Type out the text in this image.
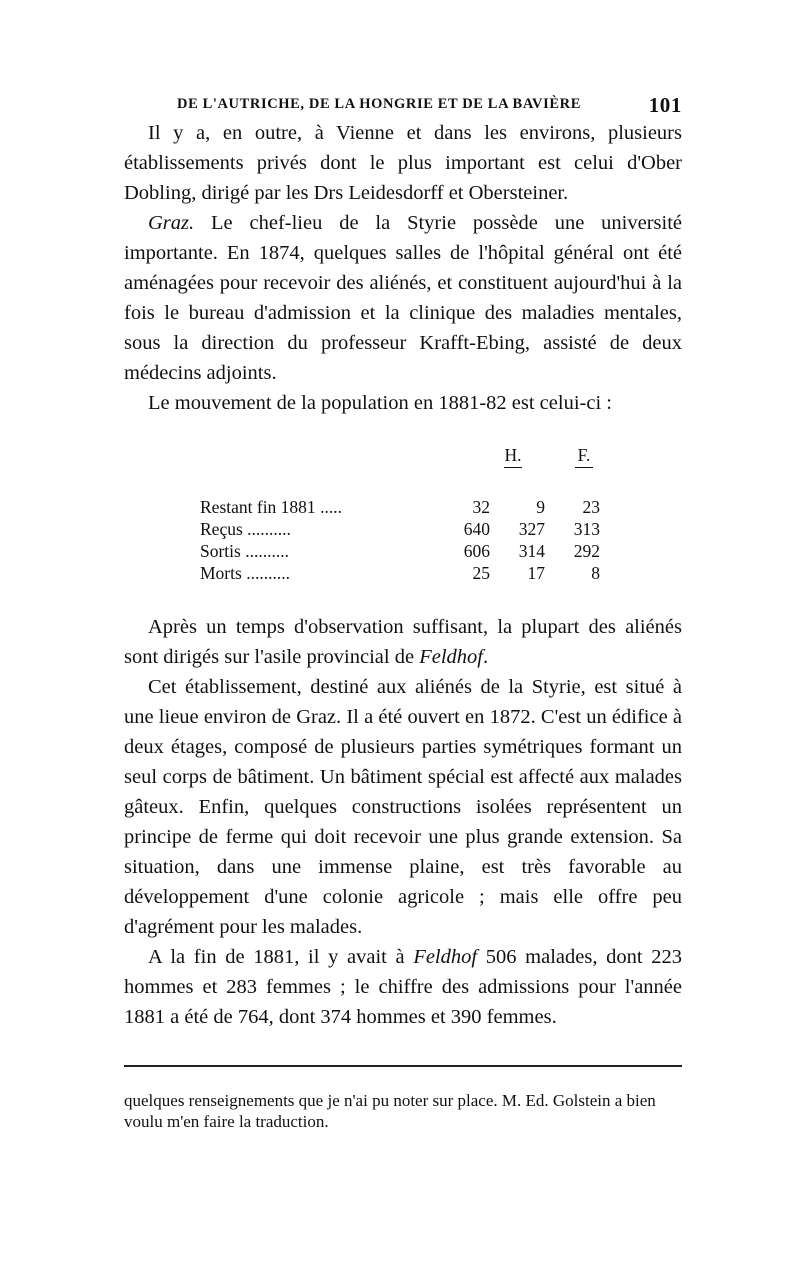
DE L'AUTRICHE, DE LA HONGRIE ET DE LA BAVIÈRE	101

Il y a, en outre, à Vienne et dans les environs, plusieurs établissements privés dont le plus important est celui d'Ober Dobling, dirigé par les Drs Leidesdorff et Obersteiner.

Graz. Le chef-lieu de la Styrie possède une université importante. En 1874, quelques salles de l'hôpital général ont été aménagées pour recevoir des aliénés, et constituent aujourd'hui à la fois le bureau d'admission et la clinique des maladies mentales, sous la direction du professeur Krafft-Ebing, assisté de deux médecins adjoints.

Le mouvement de la population en 1881-82 est celui-ci :

H.	F.
Restant fin 1881 .....	32	9	23
Reçus ..........	640	327	313
Sortis ..........	606	314	292
Morts ..........	25	17	8

Après un temps d'observation suffisant, la plupart des aliénés sont dirigés sur l'asile provincial de Feldhof.

Cet établissement, destiné aux aliénés de la Styrie, est situé à une lieue environ de Graz. Il a été ouvert en 1872. C'est un édifice à deux étages, composé de plusieurs parties symétriques formant un seul corps de bâtiment. Un bâtiment spécial est affecté aux malades gâteux. Enfin, quelques constructions isolées représentent un principe de ferme qui doit recevoir une plus grande extension. Sa situation, dans une immense plaine, est très favorable au développement d'une colonie agricole ; mais elle offre peu d'agrément pour les malades.

A la fin de 1881, il y avait à Feldhof 506 malades, dont 223 hommes et 283 femmes ; le chiffre des admissions pour l'année 1881 a été de 764, dont 374 hommes et 390 femmes.

quelques renseignements que je n'ai pu noter sur place. M. Ed. Golstein a bien voulu m'en faire la traduction.
